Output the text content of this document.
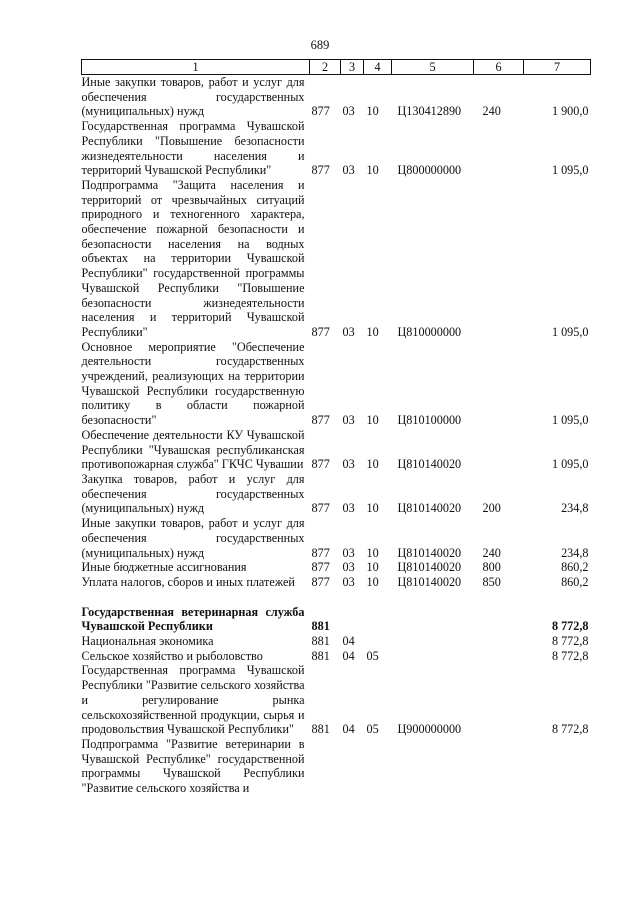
689
1	2	3	4	5	6	7
Иные закупки товаров, работ и услуг для обеспечения государственных (муниципальных) нужд	877	03	10	Ц130412890	240	1 900,0
Государственная программа Чувашской Республики "Повышение безопасности жизнедеятельности населения и территорий Чувашской Республики"	877	03	10	Ц800000000		1 095,0
Подпрограмма "Защита населения и территорий от чрезвычайных ситуаций природного и техногенного характера, обеспечение пожарной безопасности и безопасности населения на водных объектах на территории Чувашской Республики" государственной программы Чувашской Республики "Повышение безопасности жизнедеятельности населения и территорий Чувашской Республики"	877	03	10	Ц810000000		1 095,0
Основное мероприятие "Обеспечение деятельности государственных учреждений, реализующих на территории Чувашской Республики государственную политику в области пожарной безопасности"	877	03	10	Ц810100000		1 095,0
Обеспечение деятельности КУ Чувашской Республики "Чувашская республиканская противопожарная служба" ГКЧС Чувашии	877	03	10	Ц810140020		1 095,0
Закупка товаров, работ и услуг для обеспечения государственных (муниципальных) нужд	877	03	10	Ц810140020	200	234,8
Иные закупки товаров, работ и услуг для обеспечения государственных (муниципальных) нужд	877	03	10	Ц810140020	240	234,8
Иные бюджетные ассигнования	877	03	10	Ц810140020	800	860,2
Уплата налогов, сборов и иных платежей	877	03	10	Ц810140020	850	860,2

Государственная ветеринарная служба Чувашской Республики	881					8 772,8
Национальная экономика	881	04				8 772,8
Сельское хозяйство и рыболовство	881	04	05			8 772,8
Государственная программа Чувашской Республики "Развитие сельского хозяйства и регулирование рынка сельскохозяйственной продукции, сырья и продовольствия Чувашской Республики"	881	04	05	Ц900000000		8 772,8
Подпрограмма "Развитие ветеринарии в Чувашской Республике" государственной программы Чувашской Республики "Развитие сельского хозяйства и						
